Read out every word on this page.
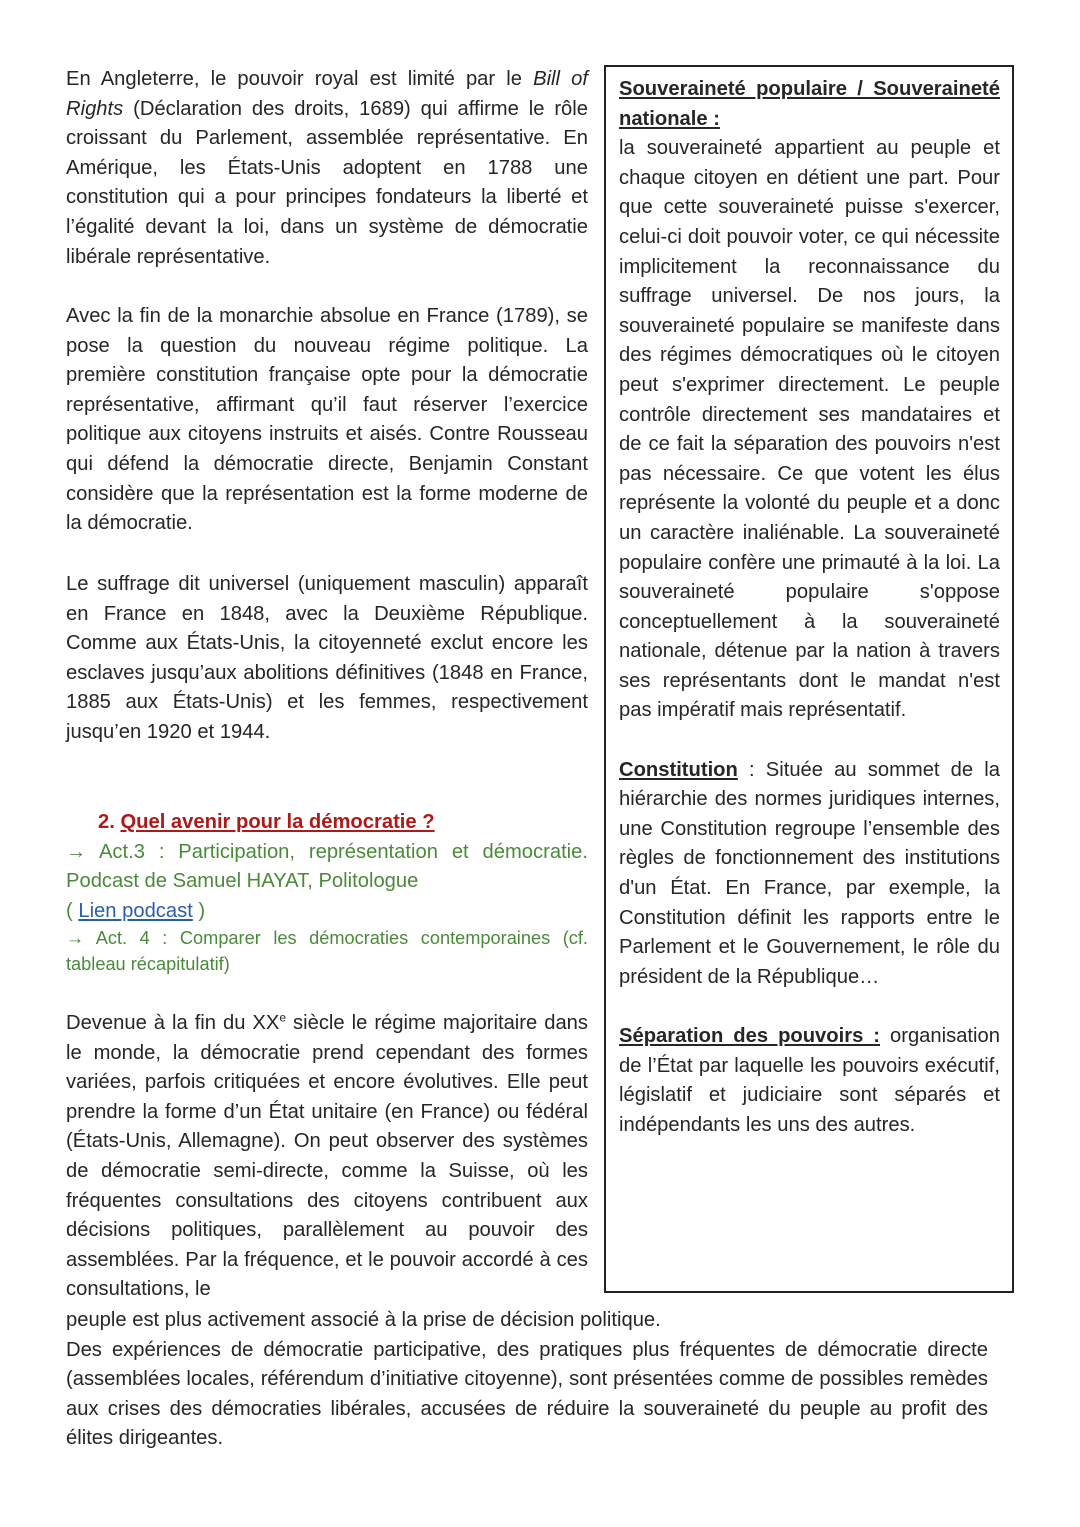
En Angleterre, le pouvoir royal est limité par le Bill of Rights (Déclaration des droits, 1689) qui affirme le rôle croissant du Parlement, assemblée représentative. En Amérique, les États-Unis adoptent en 1788 une constitution qui a pour principes fondateurs la liberté et l’égalité devant la loi, dans un système de démocratie libérale représentative.
Avec la fin de la monarchie absolue en France (1789), se pose la question du nouveau régime politique. La première constitution française opte pour la démocratie représentative, affirmant qu’il faut réserver l’exercice politique aux citoyens instruits et aisés. Contre Rousseau qui défend la démocratie directe, Benjamin Constant considère que la représentation est la forme moderne de la démocratie.
Le suffrage dit universel (uniquement masculin) apparaît en France en 1848, avec la Deuxième République. Comme aux États-Unis, la citoyenneté exclut encore les esclaves jusqu’aux abolitions définitives (1848 en France, 1885 aux États-Unis) et les femmes, respectivement jusqu’en 1920 et 1944.
2. Quel avenir pour la démocratie ?
→ Act.3 : Participation, représentation et démocratie. Podcast de Samuel HAYAT, Politologue
( Lien podcast )
→ Act. 4 : Comparer les démocraties contemporaines (cf. tableau récapitulatif)
Devenue à la fin du XXe siècle le régime majoritaire dans le monde, la démocratie prend cependant des formes variées, parfois critiquées et encore évolutives. Elle peut prendre la forme d’un État unitaire (en France) ou fédéral (États-Unis, Allemagne). On peut observer des systèmes de démocratie semi-directe, comme la Suisse, où les fréquentes consultations des citoyens contribuent aux décisions politiques, parallèlement au pouvoir des assemblées. Par la fréquence, et le pouvoir accordé à ces consultations, le
peuple est plus activement associé à la prise de décision politique.
Des expériences de démocratie participative, des pratiques plus fréquentes de démocratie directe (assemblées locales, référendum d’initiative citoyenne), sont présentées comme de possibles remèdes aux crises des démocraties libérales, accusées de réduire la souveraineté du peuple au profit des élites dirigeantes.

Souveraineté populaire / Souveraineté nationale :
la souveraineté appartient au peuple et chaque citoyen en détient une part. Pour que cette souveraineté puisse s'exercer, celui-ci doit pouvoir voter, ce qui nécessite implicitement la reconnaissance du suffrage universel. De nos jours, la souveraineté populaire se manifeste dans des régimes démocratiques où le citoyen peut s'exprimer directement. Le peuple contrôle directement ses mandataires et de ce fait la séparation des pouvoirs n'est pas nécessaire. Ce que votent les élus représente la volonté du peuple et a donc un caractère inaliénable. La souveraineté populaire confère une primauté à la loi. La souveraineté populaire s'oppose conceptuellement à la souveraineté nationale, détenue par la nation à travers ses représentants dont le mandat n'est pas impératif mais représentatif.

Constitution : Située au sommet de la hiérarchie des normes juridiques internes, une Constitution regroupe l’ensemble des règles de fonctionnement des institutions d'un État. En France, par exemple, la Constitution définit les rapports entre le Parlement et le Gouvernement, le rôle du président de la République…

Séparation des pouvoirs : organisation de l’État par laquelle les pouvoirs exécutif, législatif et judiciaire sont séparés et indépendants les uns des autres.
